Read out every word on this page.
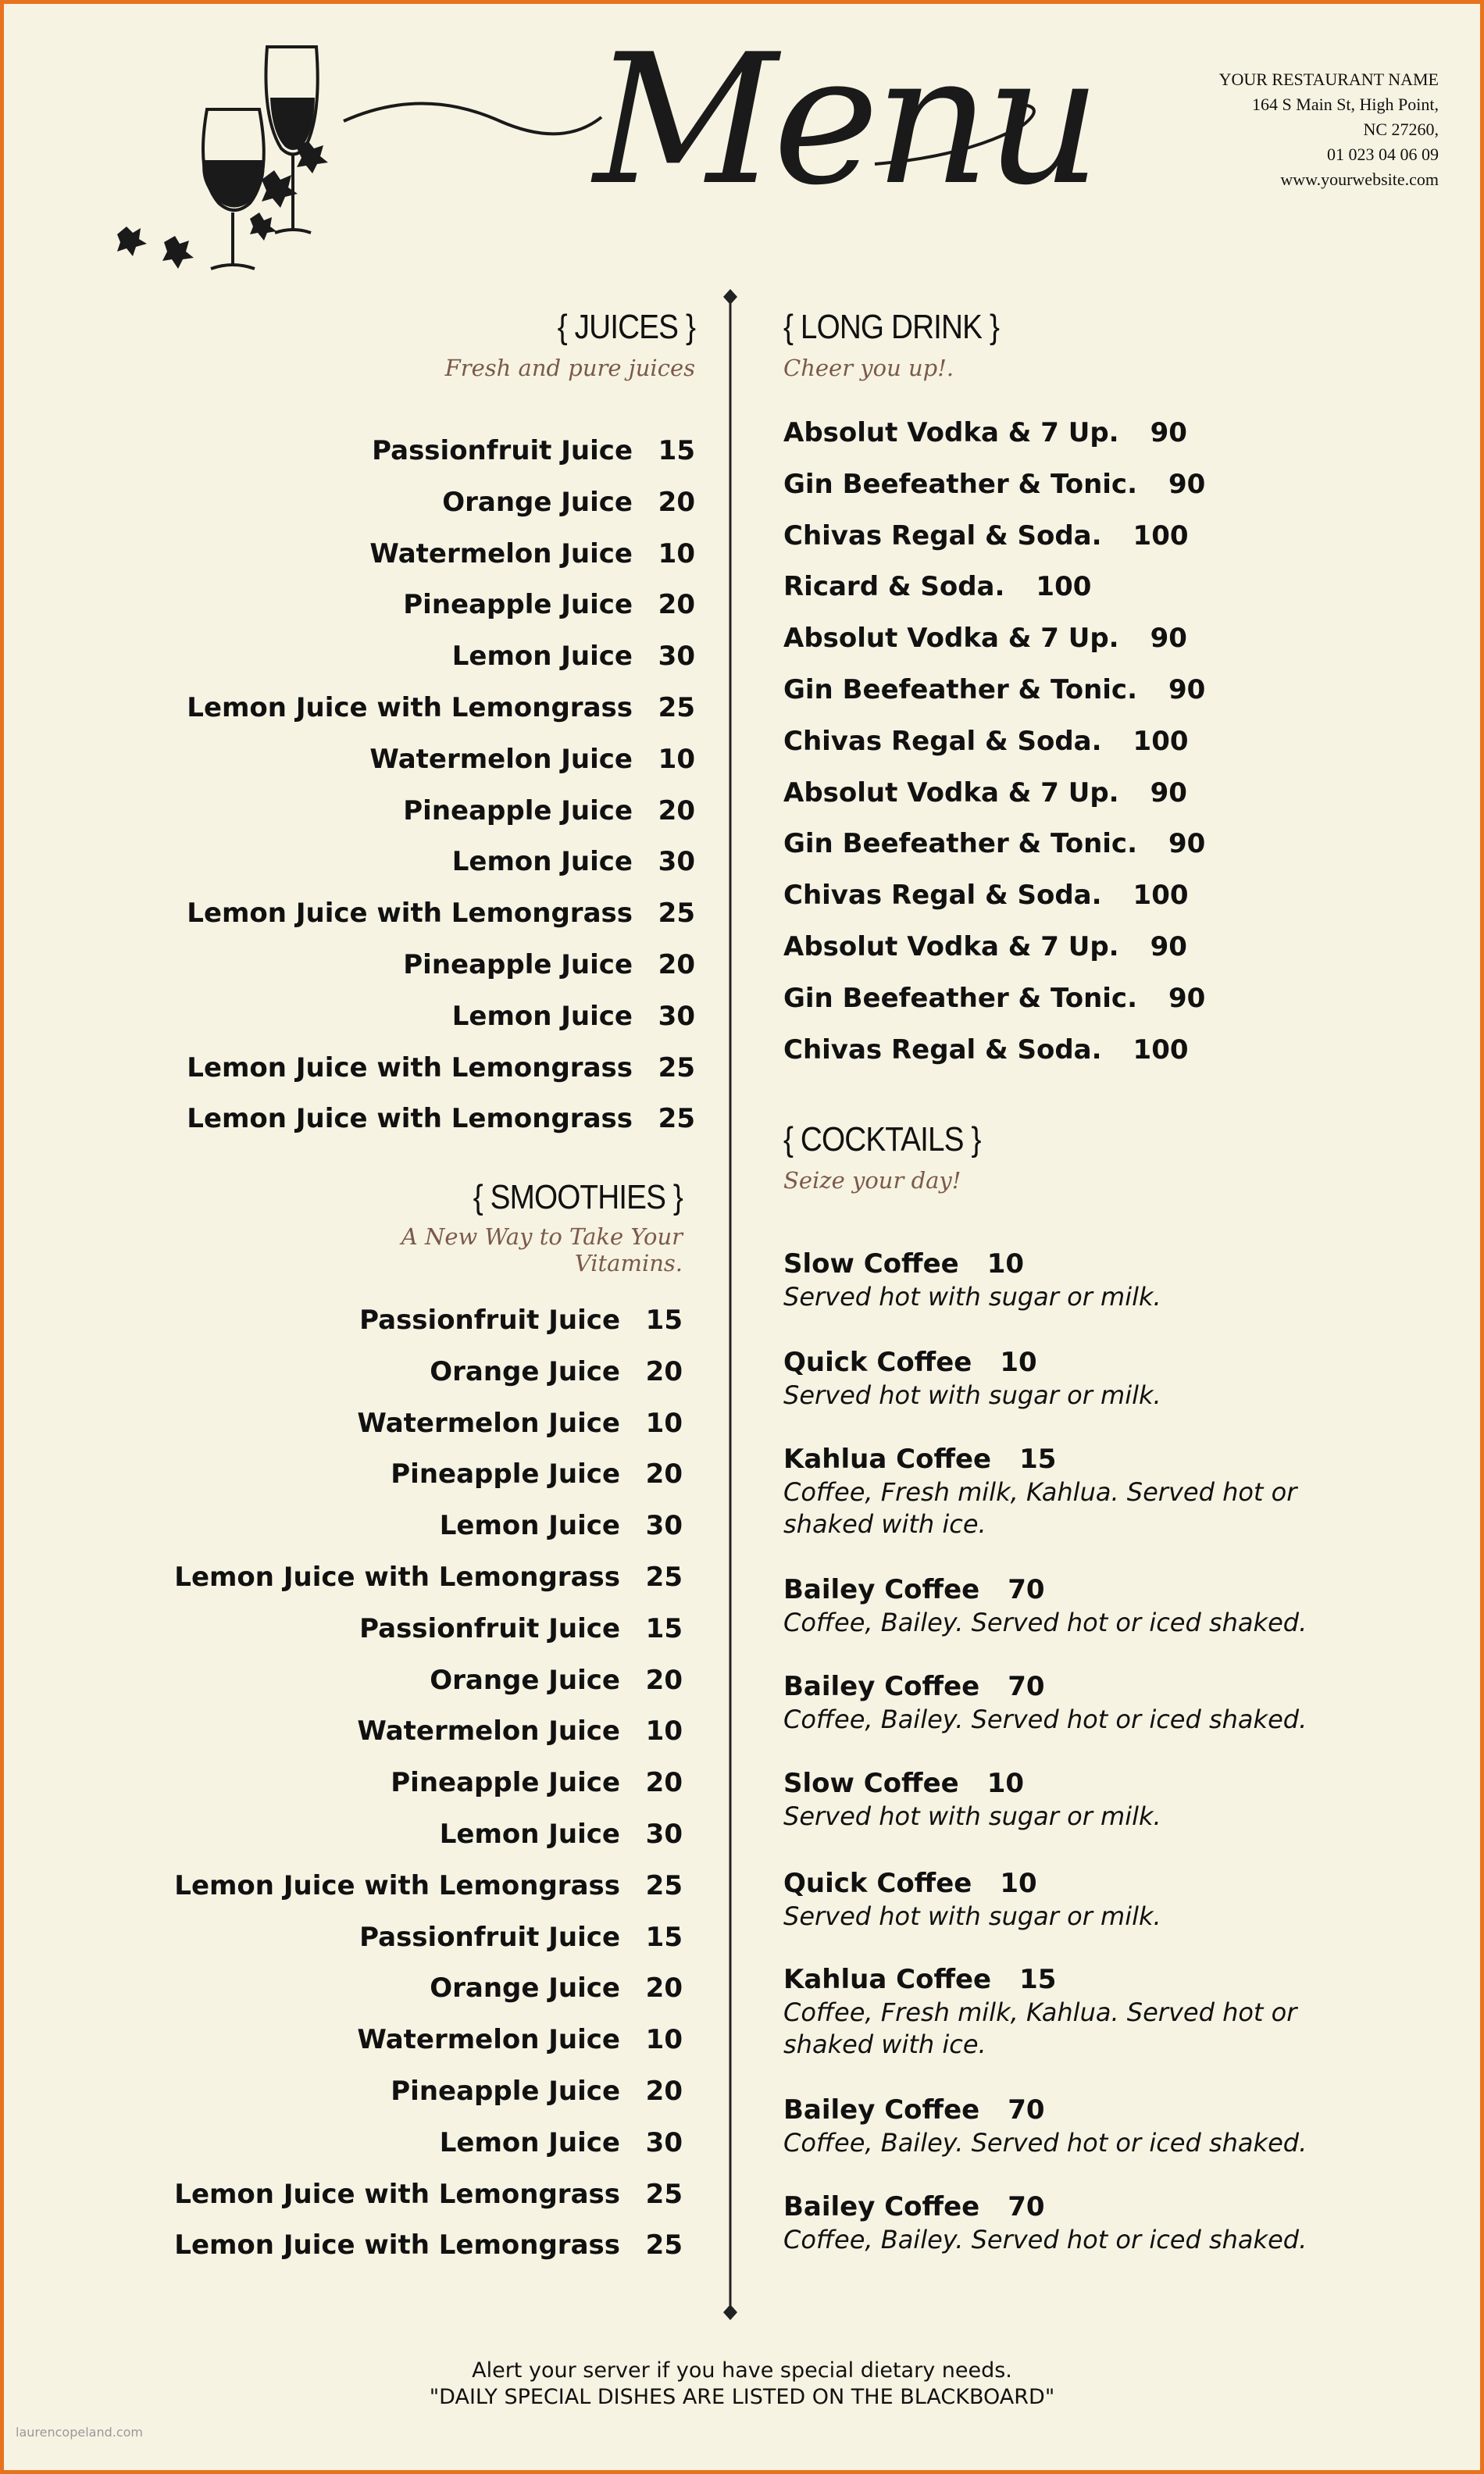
Menu	YOUR RESTAURANT NAME
164 S Main St, High Point,
NC 27260,
01 023 04 06 09
www.yourwebsite.com
{ JUICES }
Fresh and pure juices
Passionfruit Juice 15
Orange Juice 20
Watermelon Juice 10
Pineapple Juice 20
Lemon Juice 30
Lemon Juice with Lemongrass 25
Watermelon Juice 10
Pineapple Juice 20
Lemon Juice 30
Lemon Juice with Lemongrass 25
Pineapple Juice 20
Lemon Juice 30
Lemon Juice with Lemongrass 25
Lemon Juice with Lemongrass 25
{ SMOOTHIES }
A New Way to Take Your Vitamins.
Passionfruit Juice 15
Orange Juice 20
Watermelon Juice 10
Pineapple Juice 20
Lemon Juice 30
Lemon Juice with Lemongrass 25
Passionfruit Juice 15
Orange Juice 20
Watermelon Juice 10
Pineapple Juice 20
Lemon Juice 30
Lemon Juice with Lemongrass 25
Passionfruit Juice 15
Orange Juice 20
Watermelon Juice 10
Pineapple Juice 20
Lemon Juice 30
Lemon Juice with Lemongrass 25
Lemon Juice with Lemongrass 25
{ LONG DRINK }
Cheer you up!.
Absolut Vodka & 7 Up. 90
Gin Beefeather & Tonic. 90
Chivas Regal & Soda. 100
Ricard & Soda. 100
Absolut Vodka & 7 Up. 90
Gin Beefeather & Tonic. 90
Chivas Regal & Soda. 100
Absolut Vodka & 7 Up. 90
Gin Beefeather & Tonic. 90
Chivas Regal & Soda. 100
Absolut Vodka & 7 Up. 90
Gin Beefeather & Tonic. 90
Chivas Regal & Soda. 100
{ COCKTAILS }
Seize your day!
Slow Coffee 10
Served hot with sugar or milk.
Quick Coffee 10
Served hot with sugar or milk.
Kahlua Coffee 15
Coffee, Fresh milk, Kahlua. Served hot or shaked with ice.
Bailey Coffee 70
Coffee, Bailey. Served hot or iced shaked.
Bailey Coffee 70
Coffee, Bailey. Served hot or iced shaked.
Slow Coffee 10
Served hot with sugar or milk.
Quick Coffee 10
Served hot with sugar or milk.
Kahlua Coffee 15
Coffee, Fresh milk, Kahlua. Served hot or shaked with ice.
Bailey Coffee 70
Coffee, Bailey. Served hot or iced shaked.
Bailey Coffee 70
Coffee, Bailey. Served hot or iced shaked.
Alert your server if you have special dietary needs.
"DAILY SPECIAL DISHES ARE LISTED ON THE BLACKBOARD"
laurencopeland.com
